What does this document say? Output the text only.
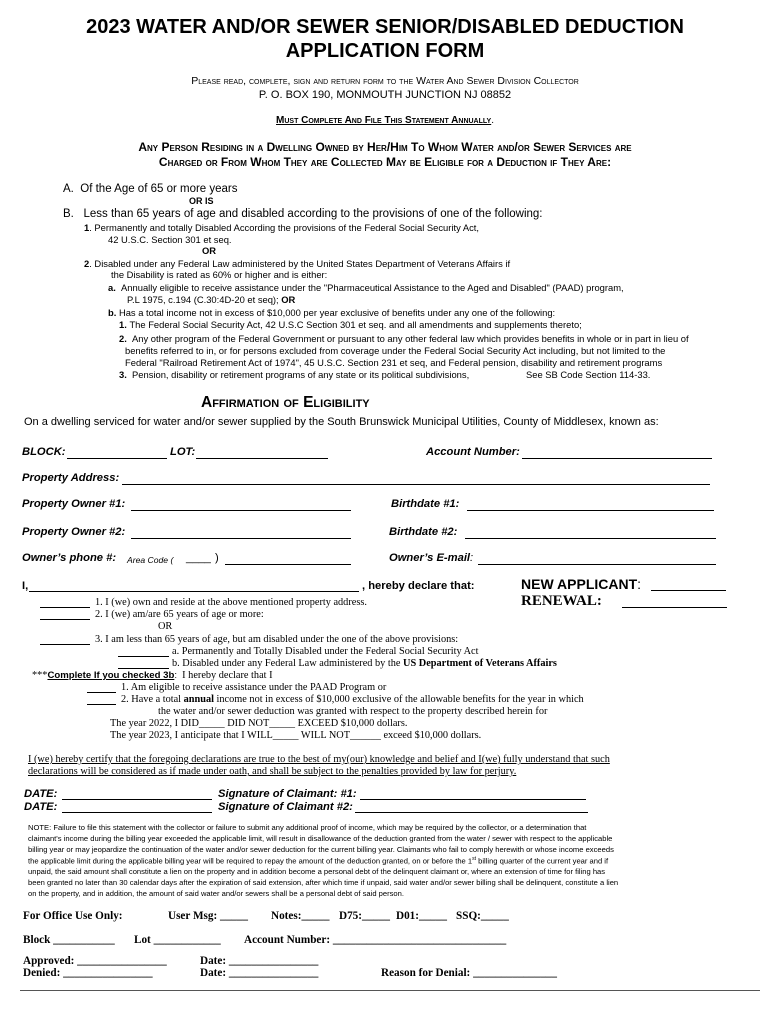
2023 WATER AND/OR SEWER SENIOR/DISABLED DEDUCTION
APPLICATION FORM
Please read, complete, sign and return form to the Water And Sewer Division Collector
P. O. BOX 190, MONMOUTH JUNCTION NJ 08852
Must Complete And File This Statement Annually.
Any Person Residing in a Dwelling Owned by Her/Him To Whom Water and/or Sewer Services are
Charged or From Whom They are Collected May be Eligible for a Deduction if They Are:
A. Of the Age of 65 or more years
OR IS
B. Less than 65 years of age and disabled according to the provisions of one of the following:
1. Permanently and totally Disabled According the provisions of the Federal Social Security Act,
42 U.S.C. Section 301 et seq.
OR
2. Disabled under any Federal Law administered by the United States Department of Veterans Affairs if
the Disability is rated as 60% or higher and is either:
a. Annually eligible to receive assistance under the "Pharmaceutical Assistance to the Aged and Disabled" (PAAD) program,
P.L 1975, c.194 (C.30:4D-20 et seq); OR
b. Has a total income not in excess of $10,000 per year exclusive of benefits under any one of the following:
1. The Federal Social Security Act, 42 U.S.C Section 301 et seq. and all amendments and supplements thereto;
2. Any other program of the Federal Government or pursuant to any other federal law which provides benefits in whole or in part in lieu of
benefits referred to in, or for persons excluded from coverage under the Federal Social Security Act including, but not limited to the
Federal "Railroad Retirement Act of 1974", 45 U.S.C. Section 231 et seq, and Federal pension, disability and retirement programs
3. Pension, disability or retirement programs of any state or its political subdivisions,	See SB Code Section 114-33.
Affirmation of Eligibility
On a dwelling serviced for water and/or sewer supplied by the South Brunswick Municipal Utilities, County of Middlesex, known as:
BLOCK:	LOT:	Account Number:
Property Address:
Property Owner #1:	Birthdate #1:
Property Owner #2:	Birthdate #2:
Owner’s phone #: Area Code ( ____ )	Owner’s E-mail:
I,	, hereby declare that:	NEW APPLICANT:
RENEWAL:
1. I (we) own and reside at the above mentioned property address.
2. I (we) am/are 65 years of age or more:
OR
3. I am less than 65 years of age, but am disabled under the one of the above provisions:
a. Permanently and Totally Disabled under the Federal Social Security Act
b. Disabled under any Federal Law administered by the US Department of Veterans Affairs
***Complete If you checked 3b: I hereby declare that I
1. Am eligible to receive assistance under the PAAD Program or
2. Have a total annual income not in excess of $10,000 exclusive of the allowable benefits for the year in which
the water and/or sewer deduction was granted with respect to the property described herein for
The year 2022, I DID_____ DID NOT_____ EXCEED $10,000 dollars.
The year 2023, I anticipate that I WILL_____ WILL NOT______ exceed $10,000 dollars.
I (we) hereby certify that the foregoing declarations are true to the best of my(our) knowledge and belief and I(we) fully understand that such
declarations will be considered as if made under oath, and shall be subject to the penalties provided by law for perjury.
DATE:	Signature of Claimant: #1:
DATE:	Signature of Claimant #2:
NOTE: Failure to file this statement with the collector or failure to submit any additional proof of income, which may be required by the collector, or a determination that
claimant's income during the billing year exceeded the applicable limit, will result in disallowance of the deduction granted from the water / sewer with respect to the applicable
billing year or may jeopardize the continuation of the water and/or sewer deduction for the current billing year. Claimants who fail to comply herewith or whose income exceeds
the applicable limit during the applicable billing year will be required to repay the amount of the deduction granted, on or before the 1st billing quarter of the current year and if
unpaid, the said amount shall constitute a lien on the property and in addition become a personal debt of the delinquent claimant or, where an extension of time for filing has
been granted no later than 30 calendar days after the expiration of said extension, after which time if unpaid, said water and/or sewer billing shall be delinquent, constitute a lien
on the property, and in addition, the amount of said water and/or sewers shall be a personal debt of said person.
For Office Use Only:	User Msg: _____ Notes:_____ D75:_____ D01:_____ SSQ:_____
Block ___________ Lot ____________ Account Number: _______________________________
Approved: ________________	Date: ________________
Denied: ________________	Date: ________________	Reason for Denial: _______________
